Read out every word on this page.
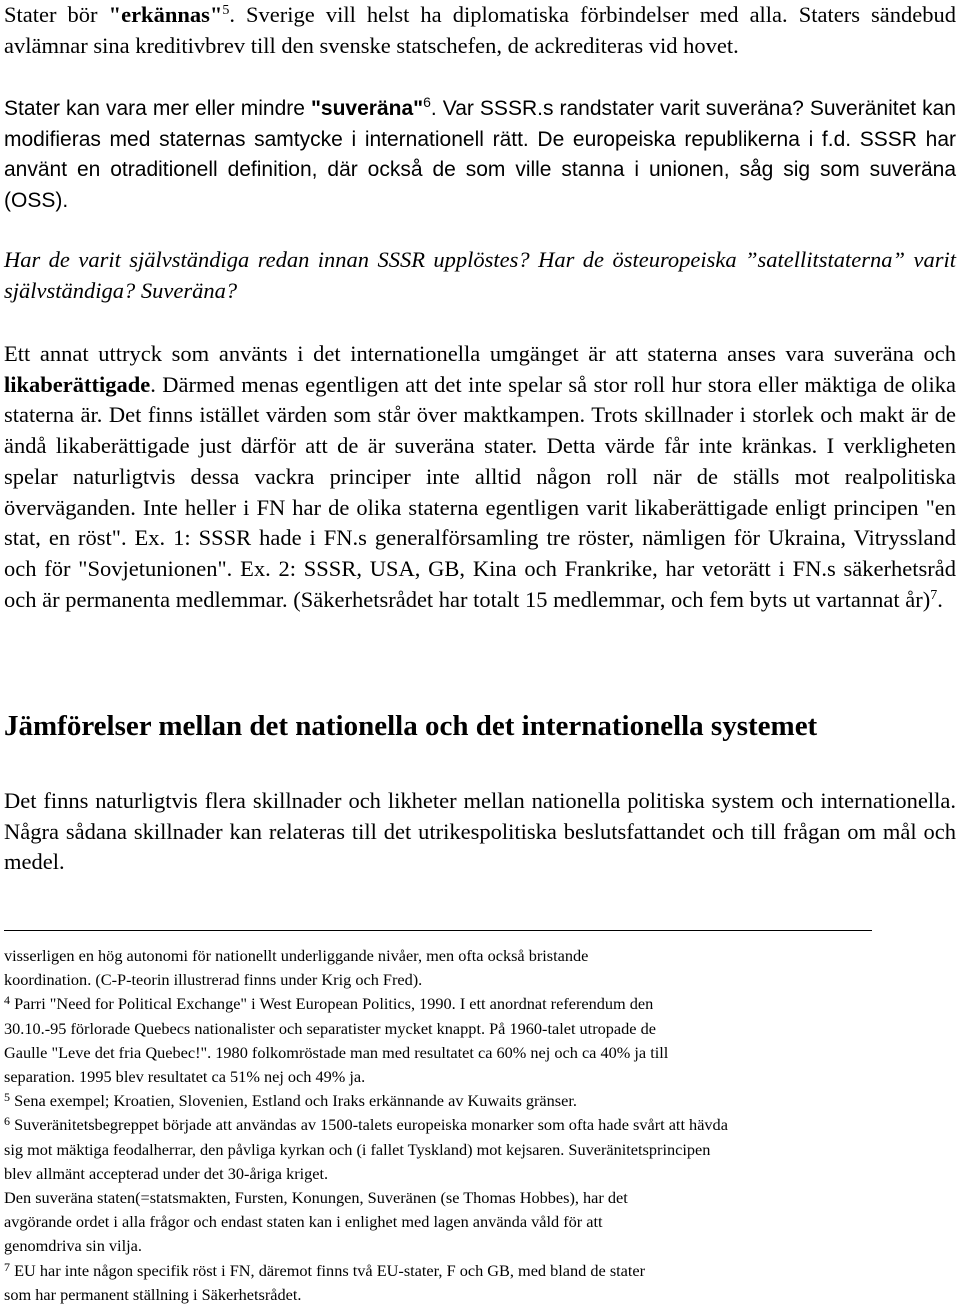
Stater bör "erkännas"$^5$. Sverige vill helst ha diplomatiska förbindelser med alla. Staters sändebud avlämnar sina kreditivbrev till den svenske statschefen, de ackrediteras vid hovet.

Stater kan vara mer eller mindre "suveräna"$^6$. Var SSSR.s randstater varit suveräna? Suveränitet kan modifieras med staternas samtycke i internationell rätt. De europeiska republikerna i f.d. SSSR har använt en otraditionell definition, där också de som ville stanna i unionen, såg sig som suveräna (OSS).

Har de varit självständiga redan innan SSSR upplöstes? Har de östeuropeiska ”satellitstaterna” varit självständiga? Suveräna?

Ett annat uttryck som använts i det internationella umgänget är att staterna anses vara suveräna och likaberättigade. Därmed menas egentligen att det inte spelar så stor roll hur stora eller mäktiga de olika staterna är. Det finns istället värden som står över maktkampen. Trots skillnader i storlek och makt är de ändå likaberättigade just därför att de är suveräna stater. Detta värde får inte kränkas. I verkligheten spelar naturligtvis dessa vackra principer inte alltid någon roll när de ställs mot realpolitiska överväganden. Inte heller i FN har de olika staterna egentligen varit likaberättigade enligt principen "en stat, en röst". Ex. 1: SSSR hade i FN.s generalförsamling tre röster, nämligen för Ukraina, Vitryssland och för "Sovjetunionen". Ex. 2: SSSR, USA, GB, Kina och Frankrike, har vetorätt i FN.s säkerhetsråd och är permanenta medlemmar. (Säkerhetsrådet har totalt 15 medlemmar, och fem byts ut vartannat år)$^7$.

Jämförelser mellan det nationella och det internationella systemet

Det finns naturligtvis flera skillnader och likheter mellan nationella politiska system och internationella. Några sådana skillnader kan relateras till det utrikespolitiska beslutsfattandet och till frågan om mål och medel.

visserligen en hög autonomi för nationellt underliggande nivåer, men ofta också bristande

koordination. (C-P-teorin illustrerad finns under Krig och Fred).

$^4$ Parri "Need for Political Exchange" i West European Politics, 1990. I ett anordnat referendum den

30.10.-95 förlorade Quebecs nationalister och separatister mycket knappt. På 1960-talet utropade de

Gaulle "Leve det fria Quebec!". 1980 folkomröstade man med resultatet ca 60% nej och ca 40% ja till

separation. 1995 blev resultatet ca 51% nej och 49% ja.

$^5$ Sena exempel; Kroatien, Slovenien, Estland och Iraks erkännande av Kuwaits gränser.

$^6$ Suveränitetsbegreppet började att användas av 1500-talets europeiska monarker som ofta hade svårt att hävda

sig mot mäktiga feodalherrar, den påvliga kyrkan och (i fallet Tyskland) mot kejsaren. Suveränitetsprincipen

blev allmänt accepterad under det 30-åriga kriget.

Den suveräna staten(=statsmakten, Fursten, Konungen, Suveränen (se Thomas Hobbes), har det

avgörande ordet i alla frågor och endast staten kan i enlighet med lagen använda våld för att

genomdriva sin vilja.

$^7$ EU har inte någon specifik röst i FN, däremot finns två EU-stater, F och GB, med bland de stater

som har permanent ställning i Säkerhetsrådet.
